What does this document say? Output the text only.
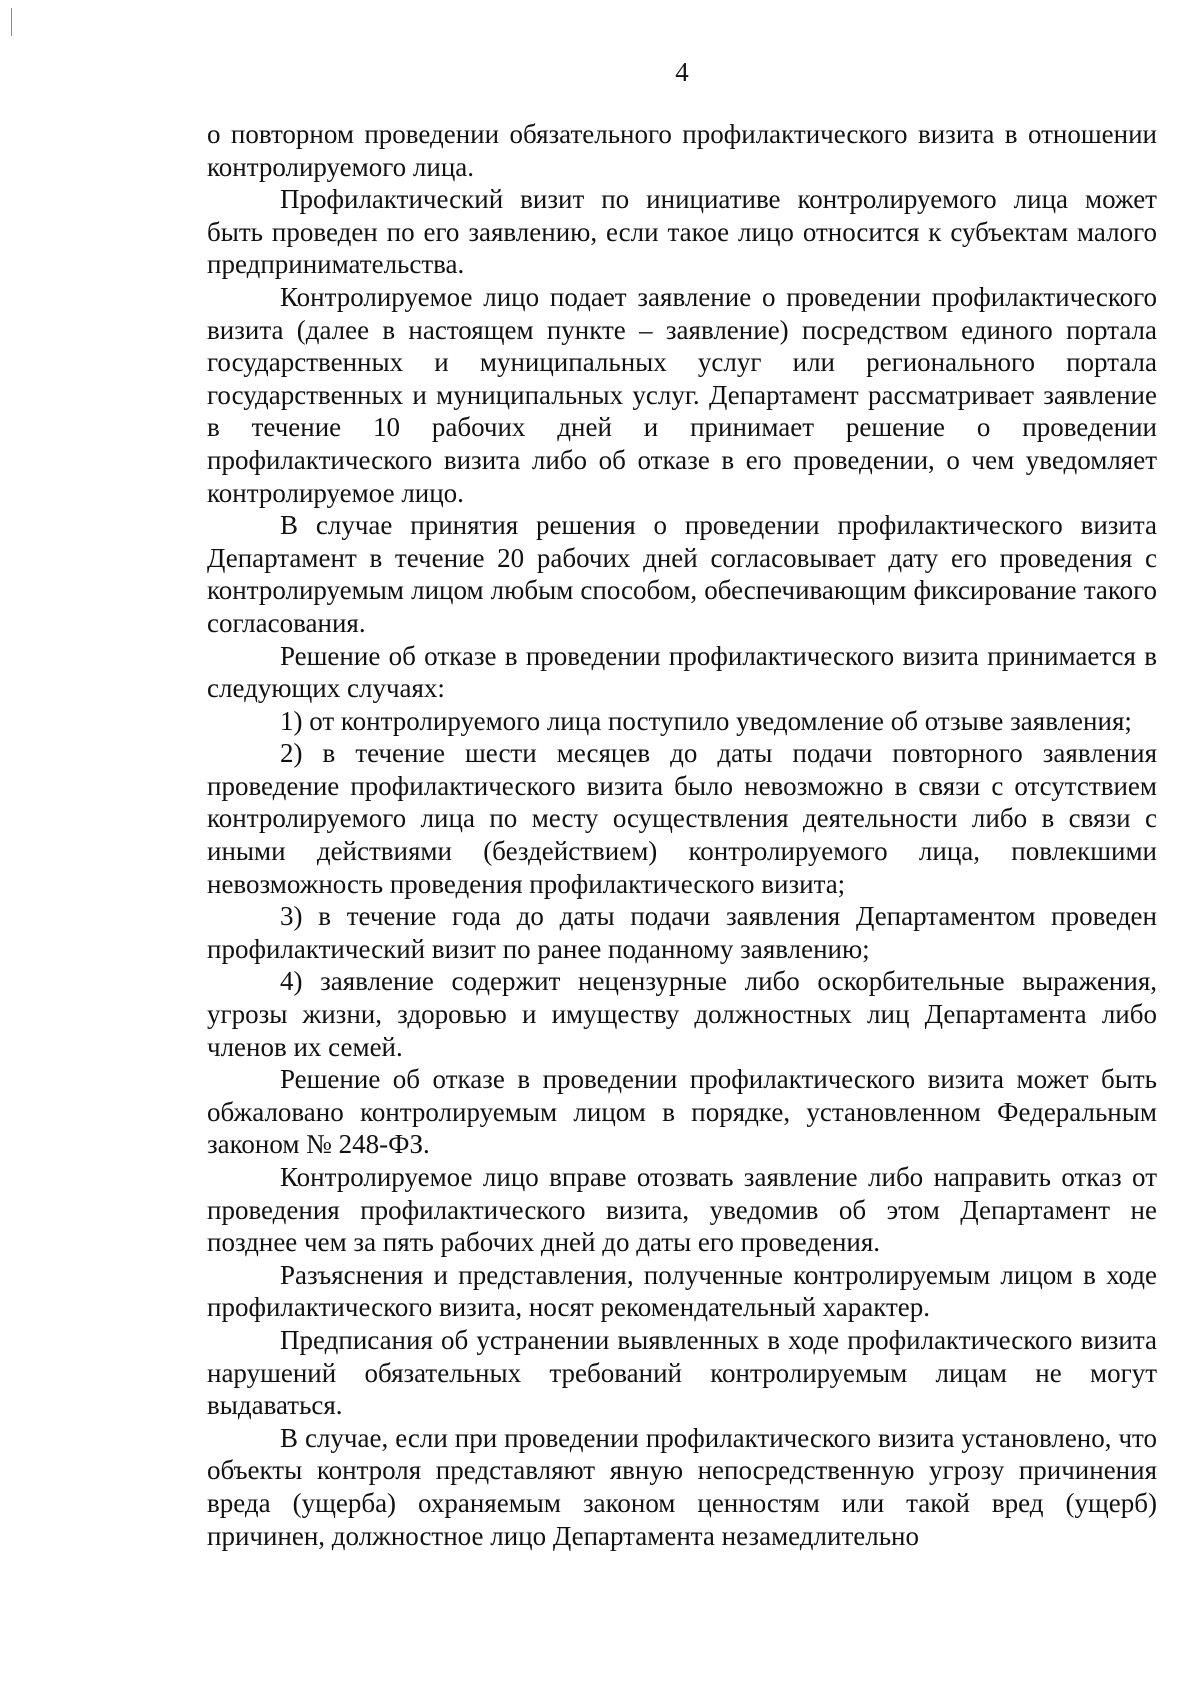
4

о повторном проведении обязательного профилактического визита в отношении контролируемого лица.

Профилактический визит по инициативе контролируемого лица может быть проведен по его заявлению, если такое лицо относится к субъектам малого предпринимательства.

Контролируемое лицо подает заявление о проведении профилактического визита (далее в настоящем пункте – заявление) посредством единого портала государственных и муниципальных услуг или регионального портала государственных и муниципальных услуг. Департамент рассматривает заявление в течение 10 рабочих дней и принимает решение о проведении профилактического визита либо об отказе в его проведении, о чем уведомляет контролируемое лицо.

В случае принятия решения о проведении профилактического визита Департамент в течение 20 рабочих дней согласовывает дату его проведения с контролируемым лицом любым способом, обеспечивающим фиксирование такого согласования.

Решение об отказе в проведении профилактического визита принимается в следующих случаях:

1) от контролируемого лица поступило уведомление об отзыве заявления;

2) в течение шести месяцев до даты подачи повторного заявления проведение профилактического визита было невозможно в связи с отсутствием контролируемого лица по месту осуществления деятельности либо в связи с иными действиями (бездействием) контролируемого лица, повлекшими невозможность проведения профилактического визита;

3) в течение года до даты подачи заявления Департаментом проведен профилактический визит по ранее поданному заявлению;

4) заявление содержит нецензурные либо оскорбительные выражения, угрозы жизни, здоровью и имуществу должностных лиц Департамента либо членов их семей.

Решение об отказе в проведении профилактического визита может быть обжаловано контролируемым лицом в порядке, установленном Федеральным законом № 248-ФЗ.

Контролируемое лицо вправе отозвать заявление либо направить отказ от проведения профилактического визита, уведомив об этом Департамент не позднее чем за пять рабочих дней до даты его проведения.

Разъяснения и представления, полученные контролируемым лицом в ходе профилактического визита, носят рекомендательный характер.

Предписания об устранении выявленных в ходе профилактического визита нарушений обязательных требований контролируемым лицам не могут выдаваться.

В случае, если при проведении профилактического визита установлено, что объекты контроля представляют явную непосредственную угрозу причинения вреда (ущерба) охраняемым законом ценностям или такой вред (ущерб) причинен, должностное лицо Департамента незамедлительно
